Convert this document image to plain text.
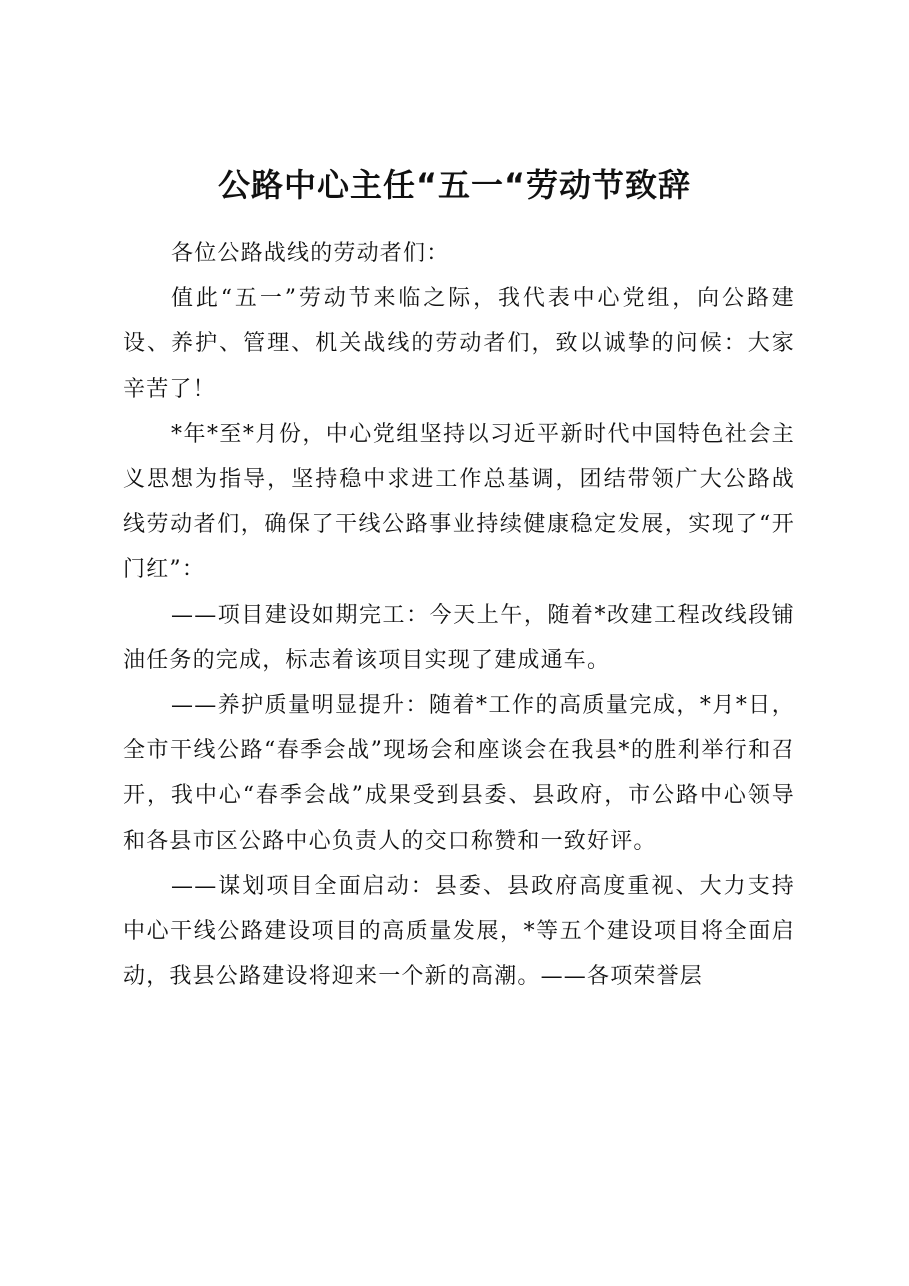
公路中心主任“五一“劳动节致辞

各位公路战线的劳动者们：

值此“五一”劳动节来临之际，我代表中心党组，向公路建设、养护、管理、机关战线的劳动者们，致以诚挚的问候：大家辛苦了！

*年*至*月份，中心党组坚持以习近平新时代中国特色社会主义思想为指导，坚持稳中求进工作总基调，团结带领广大公路战线劳动者们，确保了干线公路事业持续健康稳定发展，实现了“开门红”：

——项目建设如期完工：今天上午，随着*改建工程改线段铺油任务的完成，标志着该项目实现了建成通车。

——养护质量明显提升：随着*工作的高质量完成，*月*日，全市干线公路“春季会战”现场会和座谈会在我县*的胜利举行和召开，我中心“春季会战”成果受到县委、县政府，市公路中心领导和各县市区公路中心负责人的交口称赞和一致好评。

——谋划项目全面启动：县委、县政府高度重视、大力支持中心干线公路建设项目的高质量发展，*等五个建设项目将全面启动，我县公路建设将迎来一个新的高潮。——各项荣誉层
